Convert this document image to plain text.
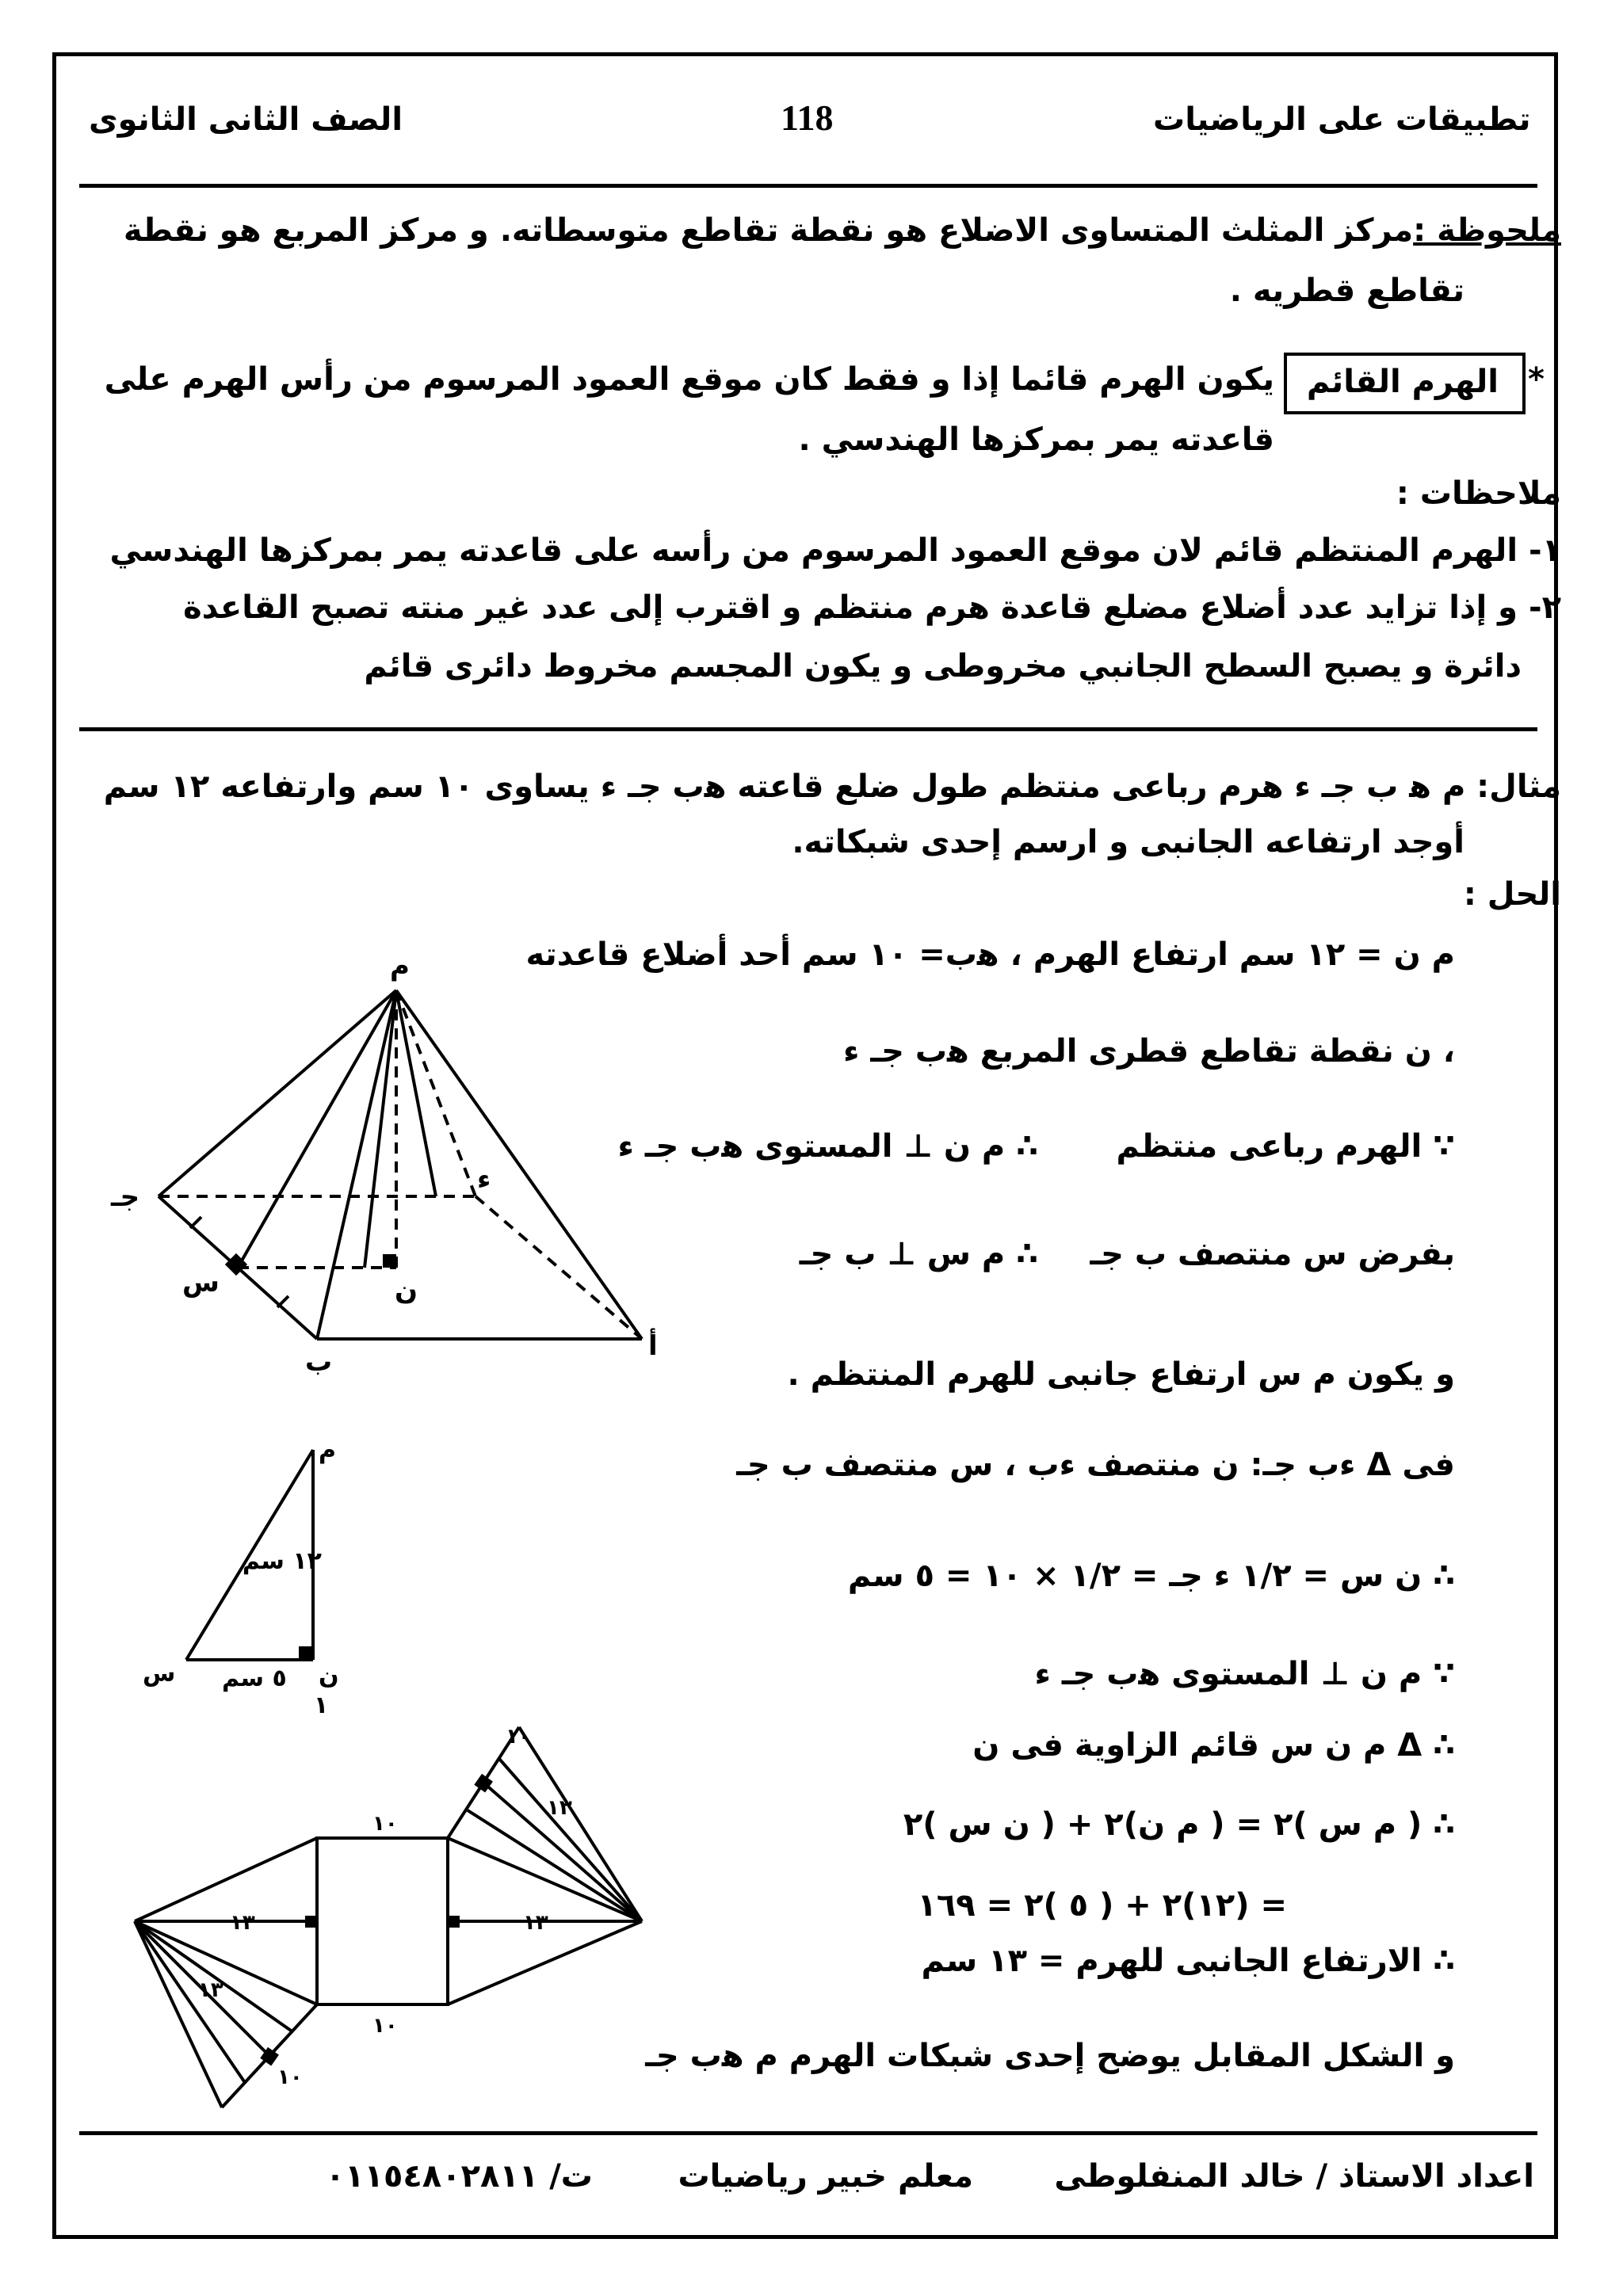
تطبيقات على الرياضيات
118
الصف الثانى الثانوى
ملحوظة :مركز المثلث المتساوى الاضلاع هو نقطة تقاطع متوسطاته. و مركز المربع هو نقطة
تقاطع قطريه .
*
الهرم القائم
يكون الهرم قائما إذا و فقط كان موقع العمود المرسوم من رأس الهرم على
قاعدته يمر بمركزها الهندسي .
ملاحظات :
١- الهرم المنتظم قائم لان موقع العمود المرسوم من رأسه على قاعدته يمر بمركزها الهندسي
٢- و إذا تزايد عدد أضلاع مضلع قاعدة هرم منتظم و اقترب إلى عدد غير منته تصبح القاعدة
دائرة و يصبح السطح الجانبي مخروطى و يكون المجسم مخروط دائرى قائم
مثال: م ﻫ ب جـ ء هرم رباعى منتظم طول ضلع قاعته ﻫب جـ ء يساوى ١٠ سم وارتفاعه ١٢ سم
أوجد ارتفاعه الجانبى و ارسم إحدى شبكاته.
الحل :
م ن = ١٢ سم ارتفاع الهرم ، ﻫب= ١٠ سم أحد أضلاع قاعدته
، ن نقطة تقاطع قطرى المربع ﻫب جـ ء
∵ الهرم رباعى منتظم
∴ م ن ⊥ المستوى ﻫب جـ ء
بفرض س منتصف ب جـ
∴ م س ⊥ ب جـ
و يكون م س ارتفاع جانبى للهرم المنتظم .
فى Δ ءب جـ: ن منتصف ءب ، س منتصف ب جـ
∴ ن س = ١/٢ ء جـ = ١/٢ × ١٠ = ٥ سم
∵ م ن ⊥ المستوى ﻫب جـ ء
∴ Δ م ن س قائم الزاوية فى ن
∴ ( م س )٢ = ( م ن)٢ + ( ن س )٢
= (١٢)٢ + ( ٥ )٢ = ١٦٩
∴ الارتفاع الجانبى للهرم = ١٣ سم
و الشكل المقابل يوضح إحدى شبكات الهرم م ﻫب جـ
م
جـ
ء
أ
ب
ن
س
م
١٢ سم
ن
٥ سم
س
١
١٠
١٠
١٣	١٣
١٣
١٣
١٠
١٠
اعداد الاستاذ / خالد المنفلوطى
معلم خبير رياضيات
ت/ ٠١١٥٤٨٠٢٨١١
